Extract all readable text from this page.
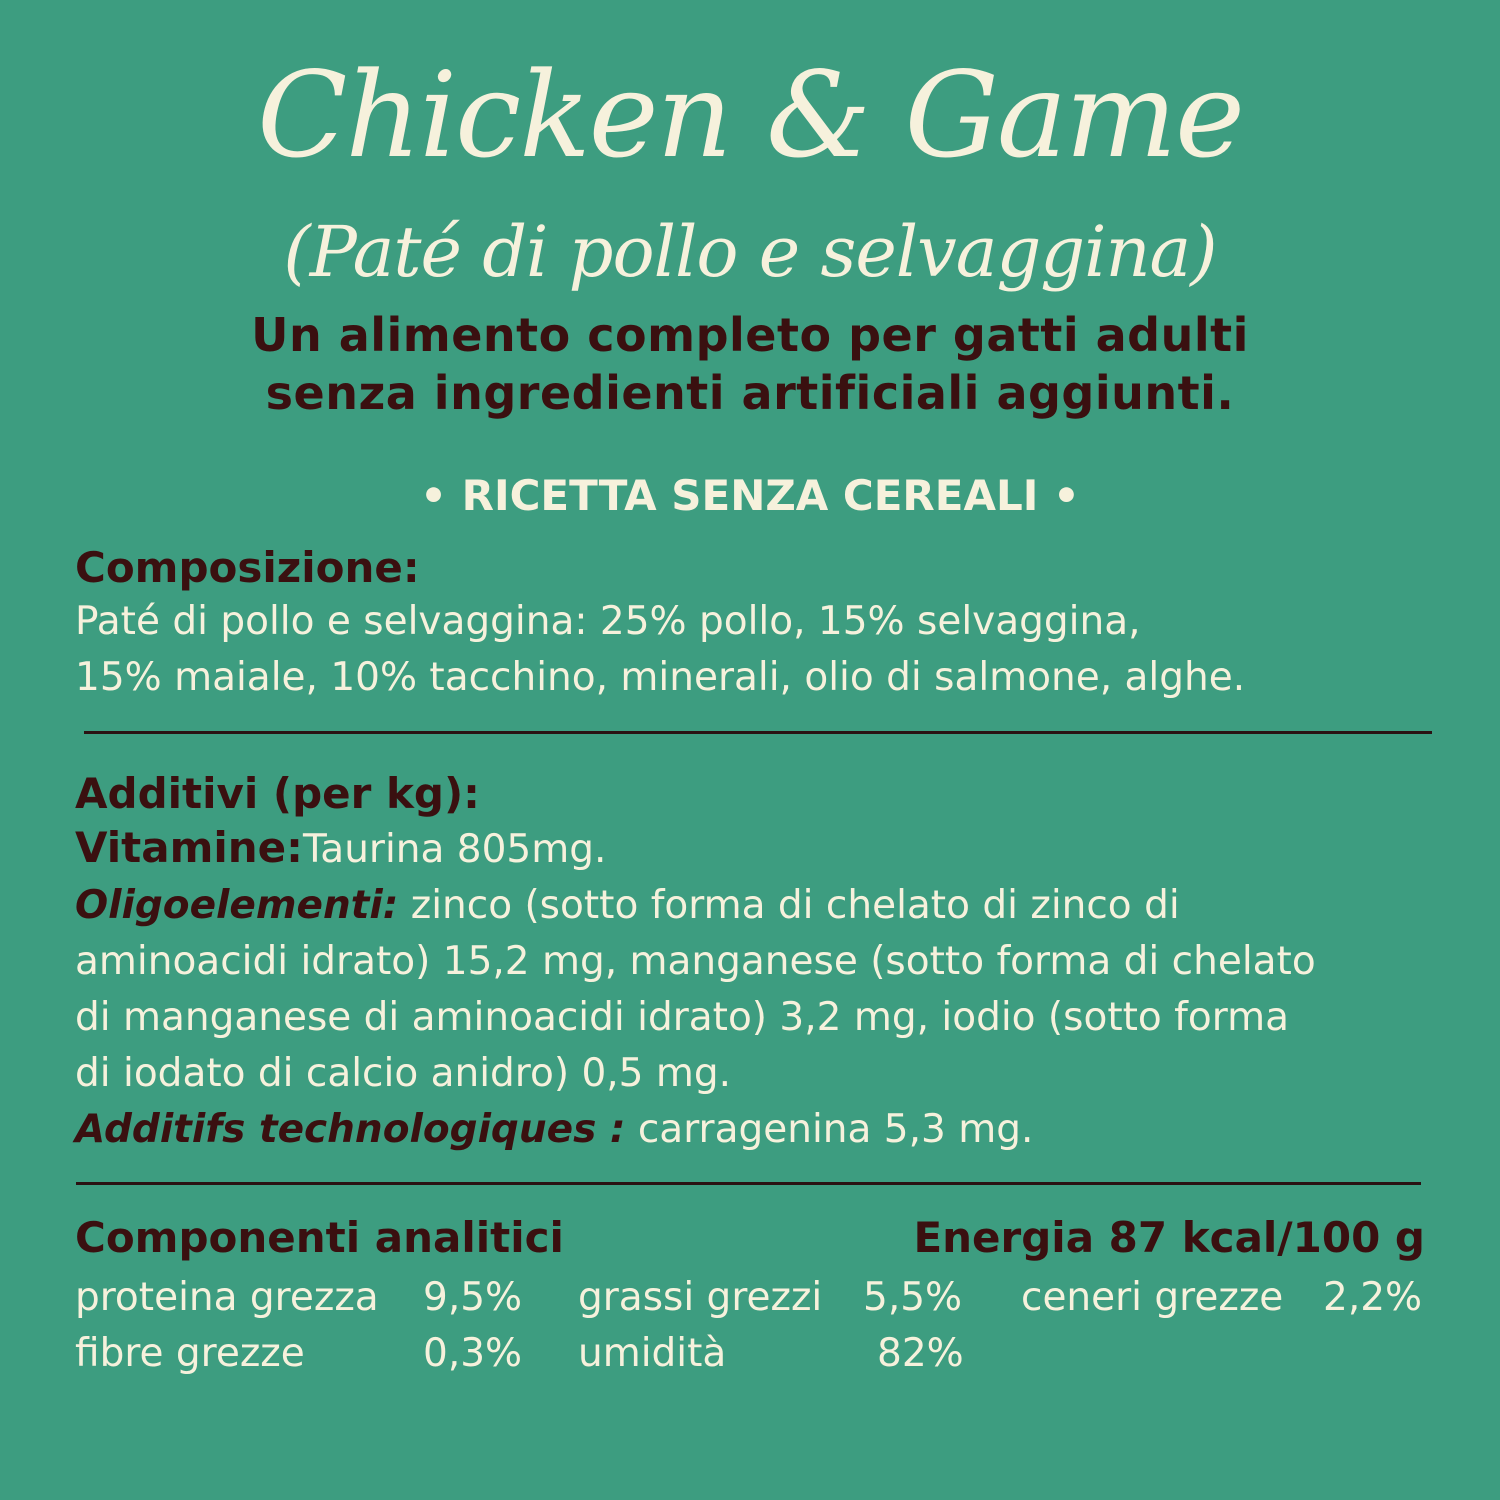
Chicken & Game
(Paté di pollo e selvaggina)
Un alimento completo per gatti adulti
senza ingredienti artificiali aggiunti.
• RICETTA SENZA CEREALI •
Composizione:
Paté di pollo e selvaggina: 25% pollo, 15% selvaggina,
15% maiale, 10% tacchino, minerali, olio di salmone, alghe.
Additivi (per kg):
Vitamine:Taurina 805mg.
Oligoelementi: zinco (sotto forma di chelato di zinco di
aminoacidi idrato) 15,2 mg, manganese (sotto forma di chelato
di manganese di aminoacidi idrato) 3,2 mg, iodio (sotto forma
di iodato di calcio anidro) 0,5 mg.
Additifs technologiques : carragenina 5,3 mg.
Componenti analitici	Energia 87 kcal/100 g
proteina grezza 9,5% grassi grezzi 5,5% ceneri grezze 2,2%
fibre grezze	0,3% umidità	82%
